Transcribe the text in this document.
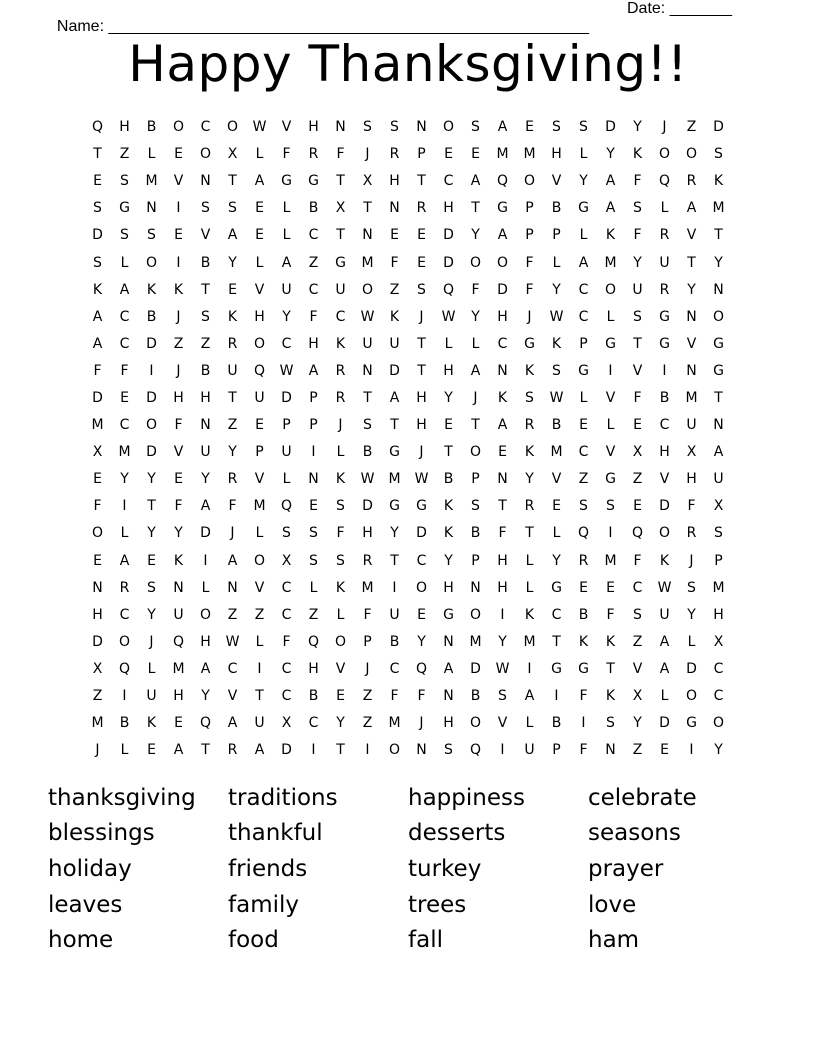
Name: ______________________________________________________

Date: _______

Happy Thanksgiving!!
Q	H	B	O	C	O	W	V	H	N	S	S	N	O	S	A	E	S	S	D	Y	J	Z	D
T	Z	L	E	O	X	L	F	R	F	J	R	P	E	E	M	M	H	L	Y	K	O	O	S
E	S	M	V	N	T	A	G	G	T	X	H	T	C	A	Q	O	V	Y	A	F	Q	R	K
S	G	N	I	S	S	E	L	B	X	T	N	R	H	T	G	P	B	G	A	S	L	A	M
D	S	S	E	V	A	E	L	C	T	N	E	E	D	Y	A	P	P	L	K	F	R	V	T
S	L	O	I	B	Y	L	A	Z	G	M	F	E	D	O	O	F	L	A	M	Y	U	T	Y
K	A	K	K	T	E	V	U	C	U	O	Z	S	Q	F	D	F	Y	C	O	U	R	Y	N
A	C	B	J	S	K	H	Y	F	C	W	K	J	W	Y	H	J	W	C	L	S	G	N	O
A	C	D	Z	Z	R	O	C	H	K	U	U	T	L	L	C	G	K	P	G	T	G	V	G
F	F	I	J	B	U	Q	W	A	R	N	D	T	H	A	N	K	S	G	I	V	I	N	G
D	E	D	H	H	T	U	D	P	R	T	A	H	Y	J	K	S	W	L	V	F	B	M	T
M	C	O	F	N	Z	E	P	P	J	S	T	H	E	T	A	R	B	E	L	E	C	U	N
X	M	D	V	U	Y	P	U	I	L	B	G	J	T	O	E	K	M	C	V	X	H	X	A
E	Y	Y	E	Y	R	V	L	N	K	W	M	W	B	P	N	Y	V	Z	G	Z	V	H	U
F	I	T	F	A	F	M	Q	E	S	D	G	G	K	S	T	R	E	S	S	E	D	F	X
O	L	Y	Y	D	J	L	S	S	F	H	Y	D	K	B	F	T	L	Q	I	Q	O	R	S
E	A	E	K	I	A	O	X	S	S	R	T	C	Y	P	H	L	Y	R	M	F	K	J	P
N	R	S	N	L	N	V	C	L	K	M	I	O	H	N	H	L	G	E	E	C	W	S	M
H	C	Y	U	O	Z	Z	C	Z	L	F	U	E	G	O	I	K	C	B	F	S	U	Y	H
D	O	J	Q	H	W	L	F	Q	O	P	B	Y	N	M	Y	M	T	K	K	Z	A	L	X
X	Q	L	M	A	C	I	C	H	V	J	C	Q	A	D	W	I	G	G	T	V	A	D	C
Z	I	U	H	Y	V	T	C	B	E	Z	F	F	N	B	S	A	I	F	K	X	L	O	C
M	B	K	E	Q	A	U	X	C	Y	Z	M	J	H	O	V	L	B	I	S	Y	D	G	O
J	L	E	A	T	R	A	D	I	T	I	O	N	S	Q	I	U	P	F	N	Z	E	I	Y
thanksgiving	traditions	happiness	celebrate
blessings	thankful	desserts	seasons
holiday	friends	turkey	prayer
leaves	family	trees	love
home	food	fall	ham
